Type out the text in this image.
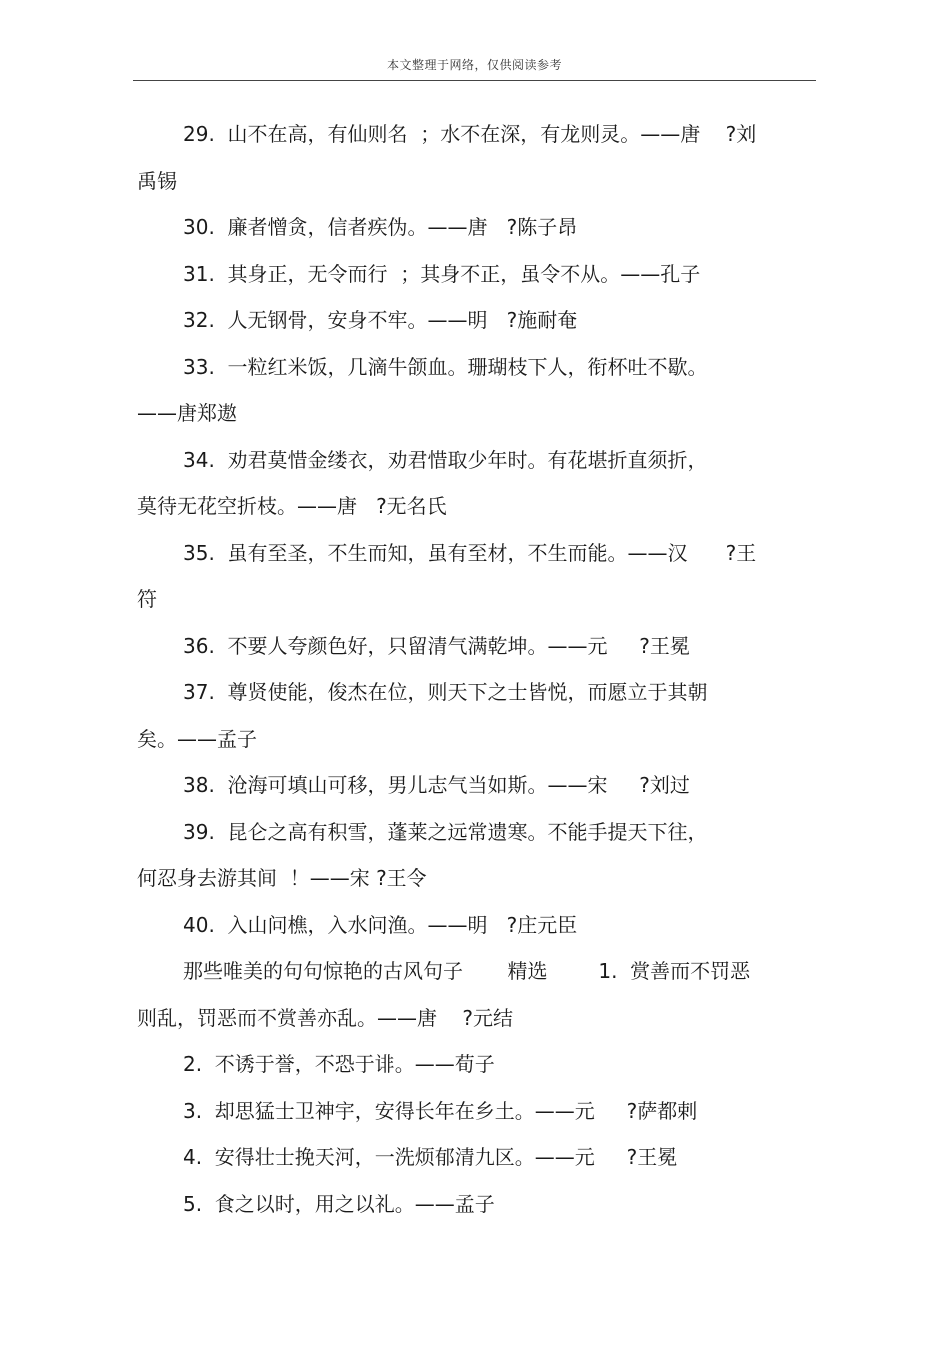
本文整理于网络，仅供阅读参考
29.  山不在高，有仙则名  ；水不在深，有龙则灵。——唐    ?刘
禹锡
30.  廉者憎贪，信者疾伪。——唐   ?陈子昂
31.  其身正，无令而行  ；其身不正，虽令不从。——孔子
32.  人无钢骨，安身不牢。——明   ?施耐奄
33.  一粒红米饭，几滴牛颌血。珊瑚枝下人，衔杯吐不歇。
——唐郑遨
34.  劝君莫惜金缕衣，劝君惜取少年时。有花堪折直须折，
莫待无花空折枝。——唐   ?无名氏
35.  虽有至圣，不生而知，虽有至材，不生而能。——汉      ?王
符
36.  不要人夸颜色好，只留清气满乾坤。——元     ?王冕
37.  尊贤使能，俊杰在位，则天下之士皆悦，而愿立于其朝
矣。——孟子
38.  沧海可填山可移，男儿志气当如斯。——宋     ?刘过
39.  昆仑之高有积雪，蓬莱之远常遗寒。不能手提天下往，
何忍身去游其间  ！——宋 ?王令
40.  入山问樵，入水问渔。——明   ?庄元臣
那些唯美的句句惊艳的古风句子       精选        1.  赏善而不罚恶
则乱，罚恶而不赏善亦乱。——唐    ?元结
2.  不诱于誉，不恐于诽。——荀子
3.  却思猛士卫神宇，安得长年在乡土。——元     ?萨都剌
4.  安得壮士挽天河，一洗烦郁清九区。——元     ?王冕
5.  食之以时，用之以礼。——孟子
